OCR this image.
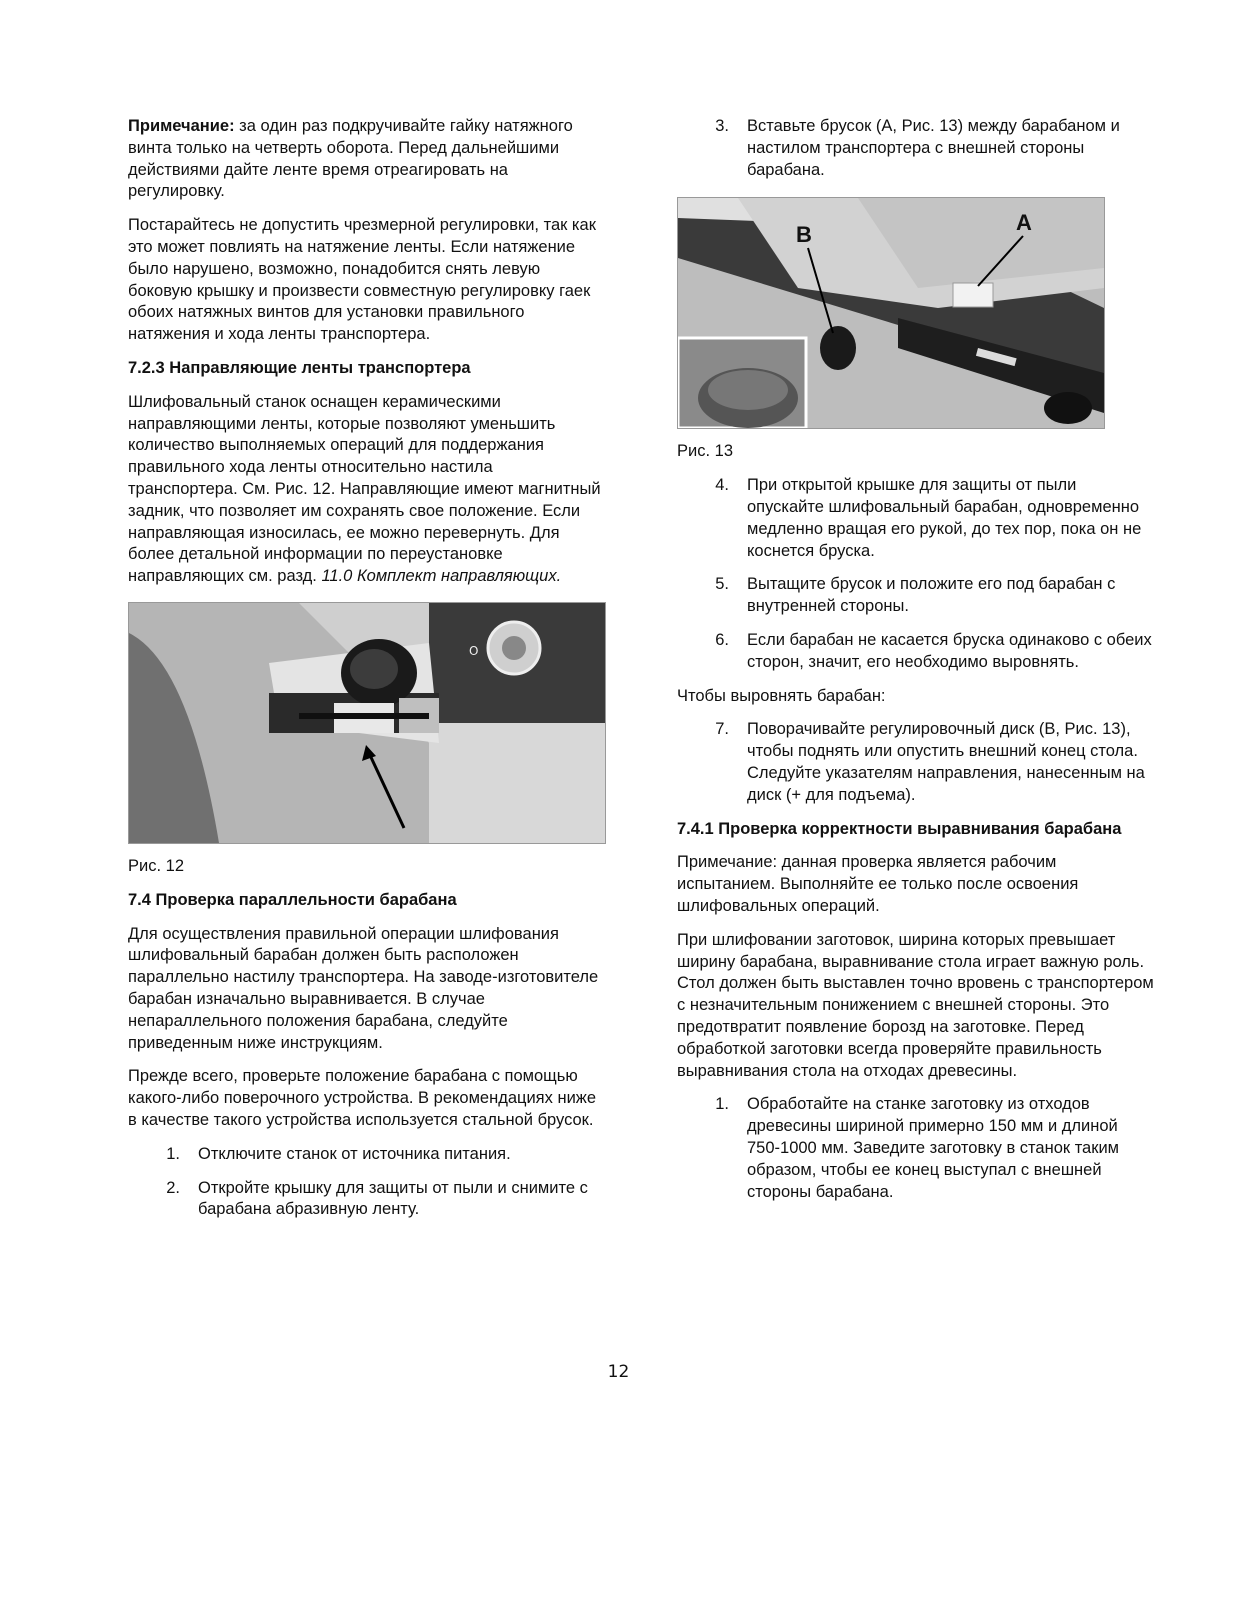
Примечание: за один раз подкручивайте гайку натяжного винта только на четверть оборота. Перед дальнейшими действиями дайте ленте время отреагировать на регулировку.

Постарайтесь не допустить чрезмерной регулировки, так как это может повлиять на натяжение ленты. Если натяжение было нарушено, возможно, понадобится снять левую боковую крышку и произвести совместную регулировку гаек обоих натяжных винтов для установки правильного натяжения и хода ленты транспортера.

7.2.3 Направляющие ленты транспортера

Шлифовальный станок оснащен керамическими направляющими ленты, которые позволяют уменьшить количество выполняемых операций для поддержания правильного хода ленты относительно настила транспортера. См. Рис. 12. Направляющие имеют магнитный задник, что позволяет им сохранять свое положение. Если направляющая износилась, ее можно перевернуть. Для более детальной информации по переустановке направляющих см. разд. 11.0 Комплект направляющих.

O

Рис. 12

7.4 Проверка параллельности барабана

Для осуществления правильной операции шлифования шлифовальный барабан должен быть расположен параллельно настилу транспортера. На заводе-изготовителе барабан изначально выравнивается. В случае непараллельного положения барабана, следуйте приведенным ниже инструкциям.

Прежде всего, проверьте положение барабана с помощью какого-либо поверочного устройства. В рекомендациях ниже в качестве такого устройства используется стальной брусок.

1.	Отключите станок от источника питания.
2.	Откройте крышку для защиты от пыли и снимите с барабана абразивную ленту.
3.	Вставьте брусок (A, Рис. 13) между барабаном и настилом транспортера с внешней стороны барабана.
B	A

Рис. 13

4.	При открытой крышке для защиты от пыли опускайте шлифовальный барабан, одновременно медленно вращая его рукой, до тех пор, пока он не коснется бруска.
5.	Вытащите брусок и положите его под барабан с внутренней стороны.
6.	Если барабан не касается бруска одинаково с обеих сторон, значит, его необходимо выровнять.

Чтобы выровнять барабан:

7.	Поворачивайте регулировочный диск (B, Рис. 13), чтобы поднять или опустить внешний конец стола. Следуйте указателям направления, нанесенным на диск (+ для подъема).
7.4.1 Проверка корректности выравнивания барабана

Примечание: данная проверка является рабочим испытанием. Выполняйте ее только после освоения шлифовальных операций.

При шлифовании заготовок, ширина которых превышает ширину барабана, выравнивание стола играет важную роль. Стол должен быть выставлен точно вровень с транспортером с незначительным понижением с внешней стороны. Это предотвратит появление борозд на заготовке. Перед обработкой заготовки всегда проверяйте правильность выравнивания стола на отходах древесины.

1.	Обработайте на станке заготовку из отходов древесины шириной примерно 150 мм и длиной 750-1000 мм. Заведите заготовку в станок таким образом, чтобы ее конец выступал с внешней стороны барабана.
12
